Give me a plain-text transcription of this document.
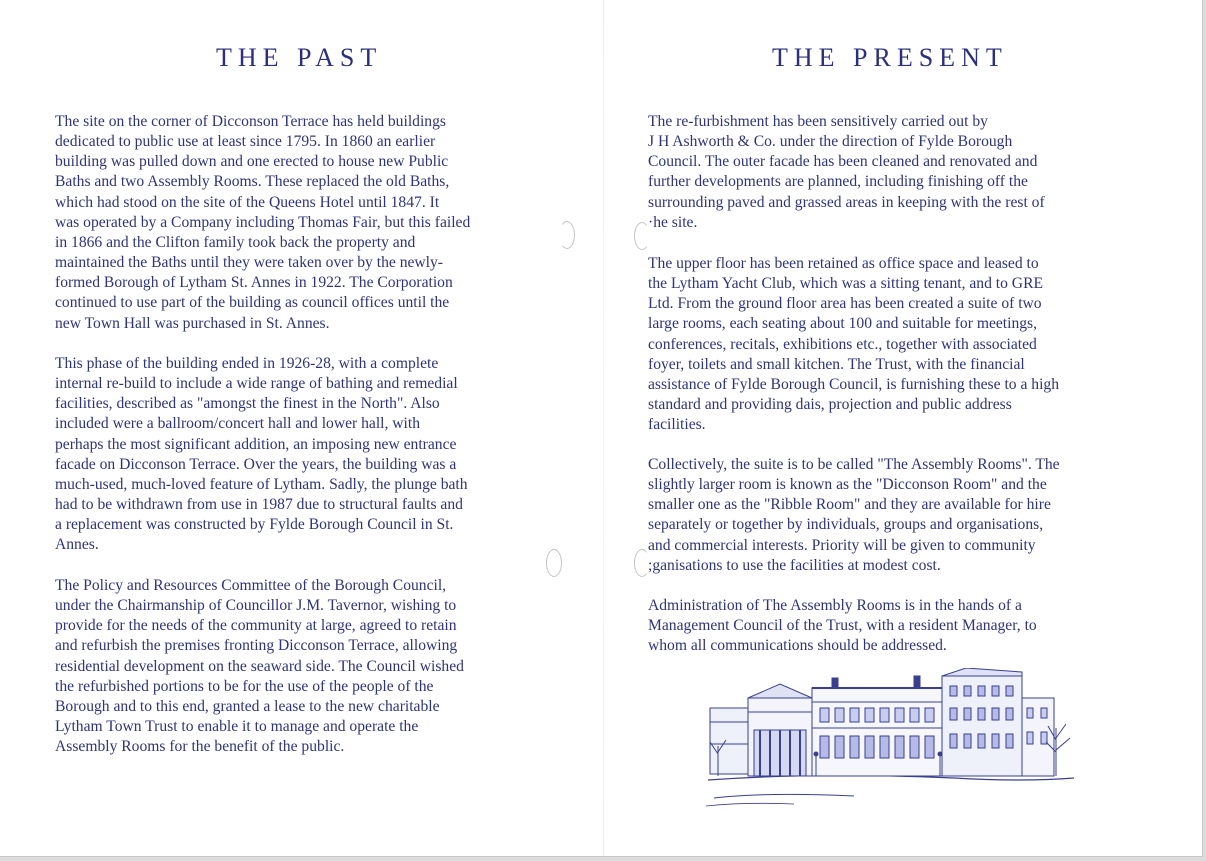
THE PAST

The site on the corner of Dicconson Terrace has held buildings
dedicated to public use at least since 1795. In 1860 an earlier
building was pulled down and one erected to house new Public
Baths and two Assembly Rooms. These replaced the old Baths,
which had stood on the site of the Queens Hotel until 1847. It
was operated by a Company including Thomas Fair, but this failed
in 1866 and the Clifton family took back the property and
maintained the Baths until they were taken over by the newly-
formed Borough of Lytham St. Annes in 1922. The Corporation
continued to use part of the building as council offices until the
new Town Hall was purchased in St. Annes.

This phase of the building ended in 1926-28, with a complete
internal re-build to include a wide range of bathing and remedial
facilities, described as "amongst the finest in the North". Also
included were a ballroom/concert hall and lower hall, with
perhaps the most significant addition, an imposing new entrance
facade on Dicconson Terrace. Over the years, the building was a
much-used, much-loved feature of Lytham. Sadly, the plunge bath
had to be withdrawn from use in 1987 due to structural faults and
a replacement was constructed by Fylde Borough Council in St.
Annes.

The Policy and Resources Committee of the Borough Council,
under the Chairmanship of Councillor J.M. Tavernor, wishing to
provide for the needs of the community at large, agreed to retain
and refurbish the premises fronting Dicconson Terrace, allowing
residential development on the seaward side. The Council wished
the refurbished portions to be for the use of the people of the
Borough and to this end, granted a lease to the new charitable
Lytham Town Trust to enable it to manage and operate the
Assembly Rooms for the benefit of the public.

THE PRESENT

The re-furbishment has been sensitively carried out by
J H Ashworth & Co. under the direction of Fylde Borough
Council. The outer facade has been cleaned and renovated and
further developments are planned, including finishing off the
surrounding paved and grassed areas in keeping with the rest of
·he site.

The upper floor has been retained as office space and leased to
the Lytham Yacht Club, which was a sitting tenant, and to GRE
Ltd. From the ground floor area has been created a suite of two
large rooms, each seating about 100 and suitable for meetings,
conferences, recitals, exhibitions etc., together with associated
foyer, toilets and small kitchen. The Trust, with the financial
assistance of Fylde Borough Council, is furnishing these to a high
standard and providing dais, projection and public address
facilities.

Collectively, the suite is to be called "The Assembly Rooms". The
slightly larger room is known as the "Dicconson Room" and the
smaller one as the "Ribble Room" and they are available for hire
separately or together by individuals, groups and organisations,
and commercial interests. Priority will be given to community
;ganisations to use the facilities at modest cost.

Administration of The Assembly Rooms is in the hands of a
Management Council of the Trust, with a resident Manager, to
whom all communications should be addressed.
